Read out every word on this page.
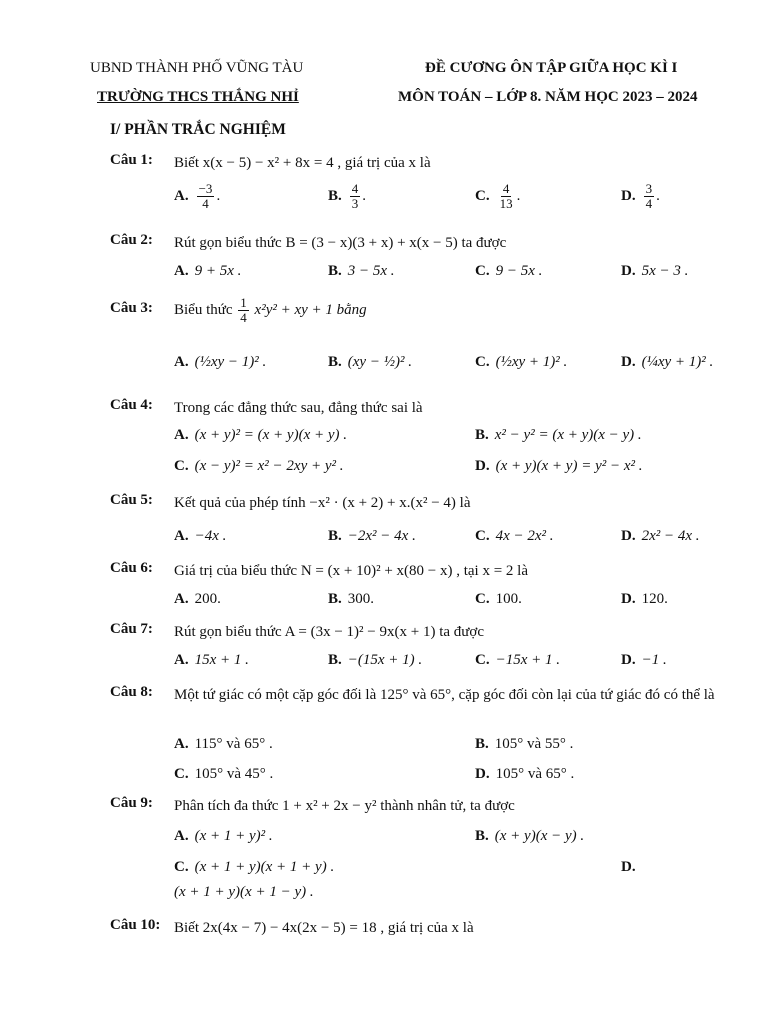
UBND THÀNH PHỐ VŨNG TÀU
TRƯỜNG THCS THẮNG NHỈ
ĐỀ CƯƠNG ÔN TẬP GIỮA HỌC KÌ I
MÔN TOÁN – LỚP 8. NĂM HỌC 2023 – 2024
I/ PHẦN TRẮC NGHIỆM
Câu 1: Biết x(x − 5) − x² + 8x = 4 , giá trị của x là
A. $\frac{-3}{4}$ .	B. $\frac{4}{3}$ .	C. $\frac{4}{13}$ .	D. $\frac{3}{4}$ .
Câu 2: Rút gọn biểu thức B = (3 − x)(3 + x) + x(x − 5) ta được
A. 9 + 5x .	B. 3 − 5x .	C. 9 − 5x .	D. 5x − 3 .
Câu 3: Biểu thức $\frac{1}{4} x^2y^2$ + xy + 1 bằng
A. (½xy − 1)² .	B. (xy − ½)² .	C. (½xy + 1)² .	D. (¼xy + 1)² .
Câu 4: Trong các đẳng thức sau, đẳng thức sai là
A. (x + y)² = (x + y)(x + y) .	B. x² − y² = (x + y)(x − y) .
C. (x − y)² = x² − 2xy + y² .	D. (x + y)(x + y) = y² − x² .
Câu 5: Kết quả của phép tính −x² · (x + 2) + x.(x² − 4) là
A. −4x .	B. −2x² − 4x .	C. 4x − 2x² .	D. 2x² − 4x .
Câu 6: Giá trị của biểu thức N = (x + 10)² + x(80 − x) , tại x = 2 là
A. 200.	B. 300.	C. 100.	D. 120.
Câu 7: Rút gọn biểu thức A = (3x − 1)² − 9x(x + 1) ta được
A. 15x + 1 .	B. −(15x + 1) .	C. −15x + 1 .	D. −1 .
Câu 8: Một tứ giác có một cặp góc đối là 125° và 65°, cặp góc đối còn lại của tứ giác đó có thể là
A. 115° và 65° .	B. 105° và 55° .
C. 105° và 45° .	D. 105° và 65° .
Câu 9: Phân tích đa thức 1 + x² + 2x − y² thành nhân tử, ta được
A. (x + 1 + y)² .	B. (x + y)(x − y) .
C. (x + 1 + y)(x + 1 + y) .	D.
(x + 1 + y)(x + 1 − y) .
Câu 10: Biết 2x(4x − 7) − 4x(2x − 5) = 18 , giá trị của x là
